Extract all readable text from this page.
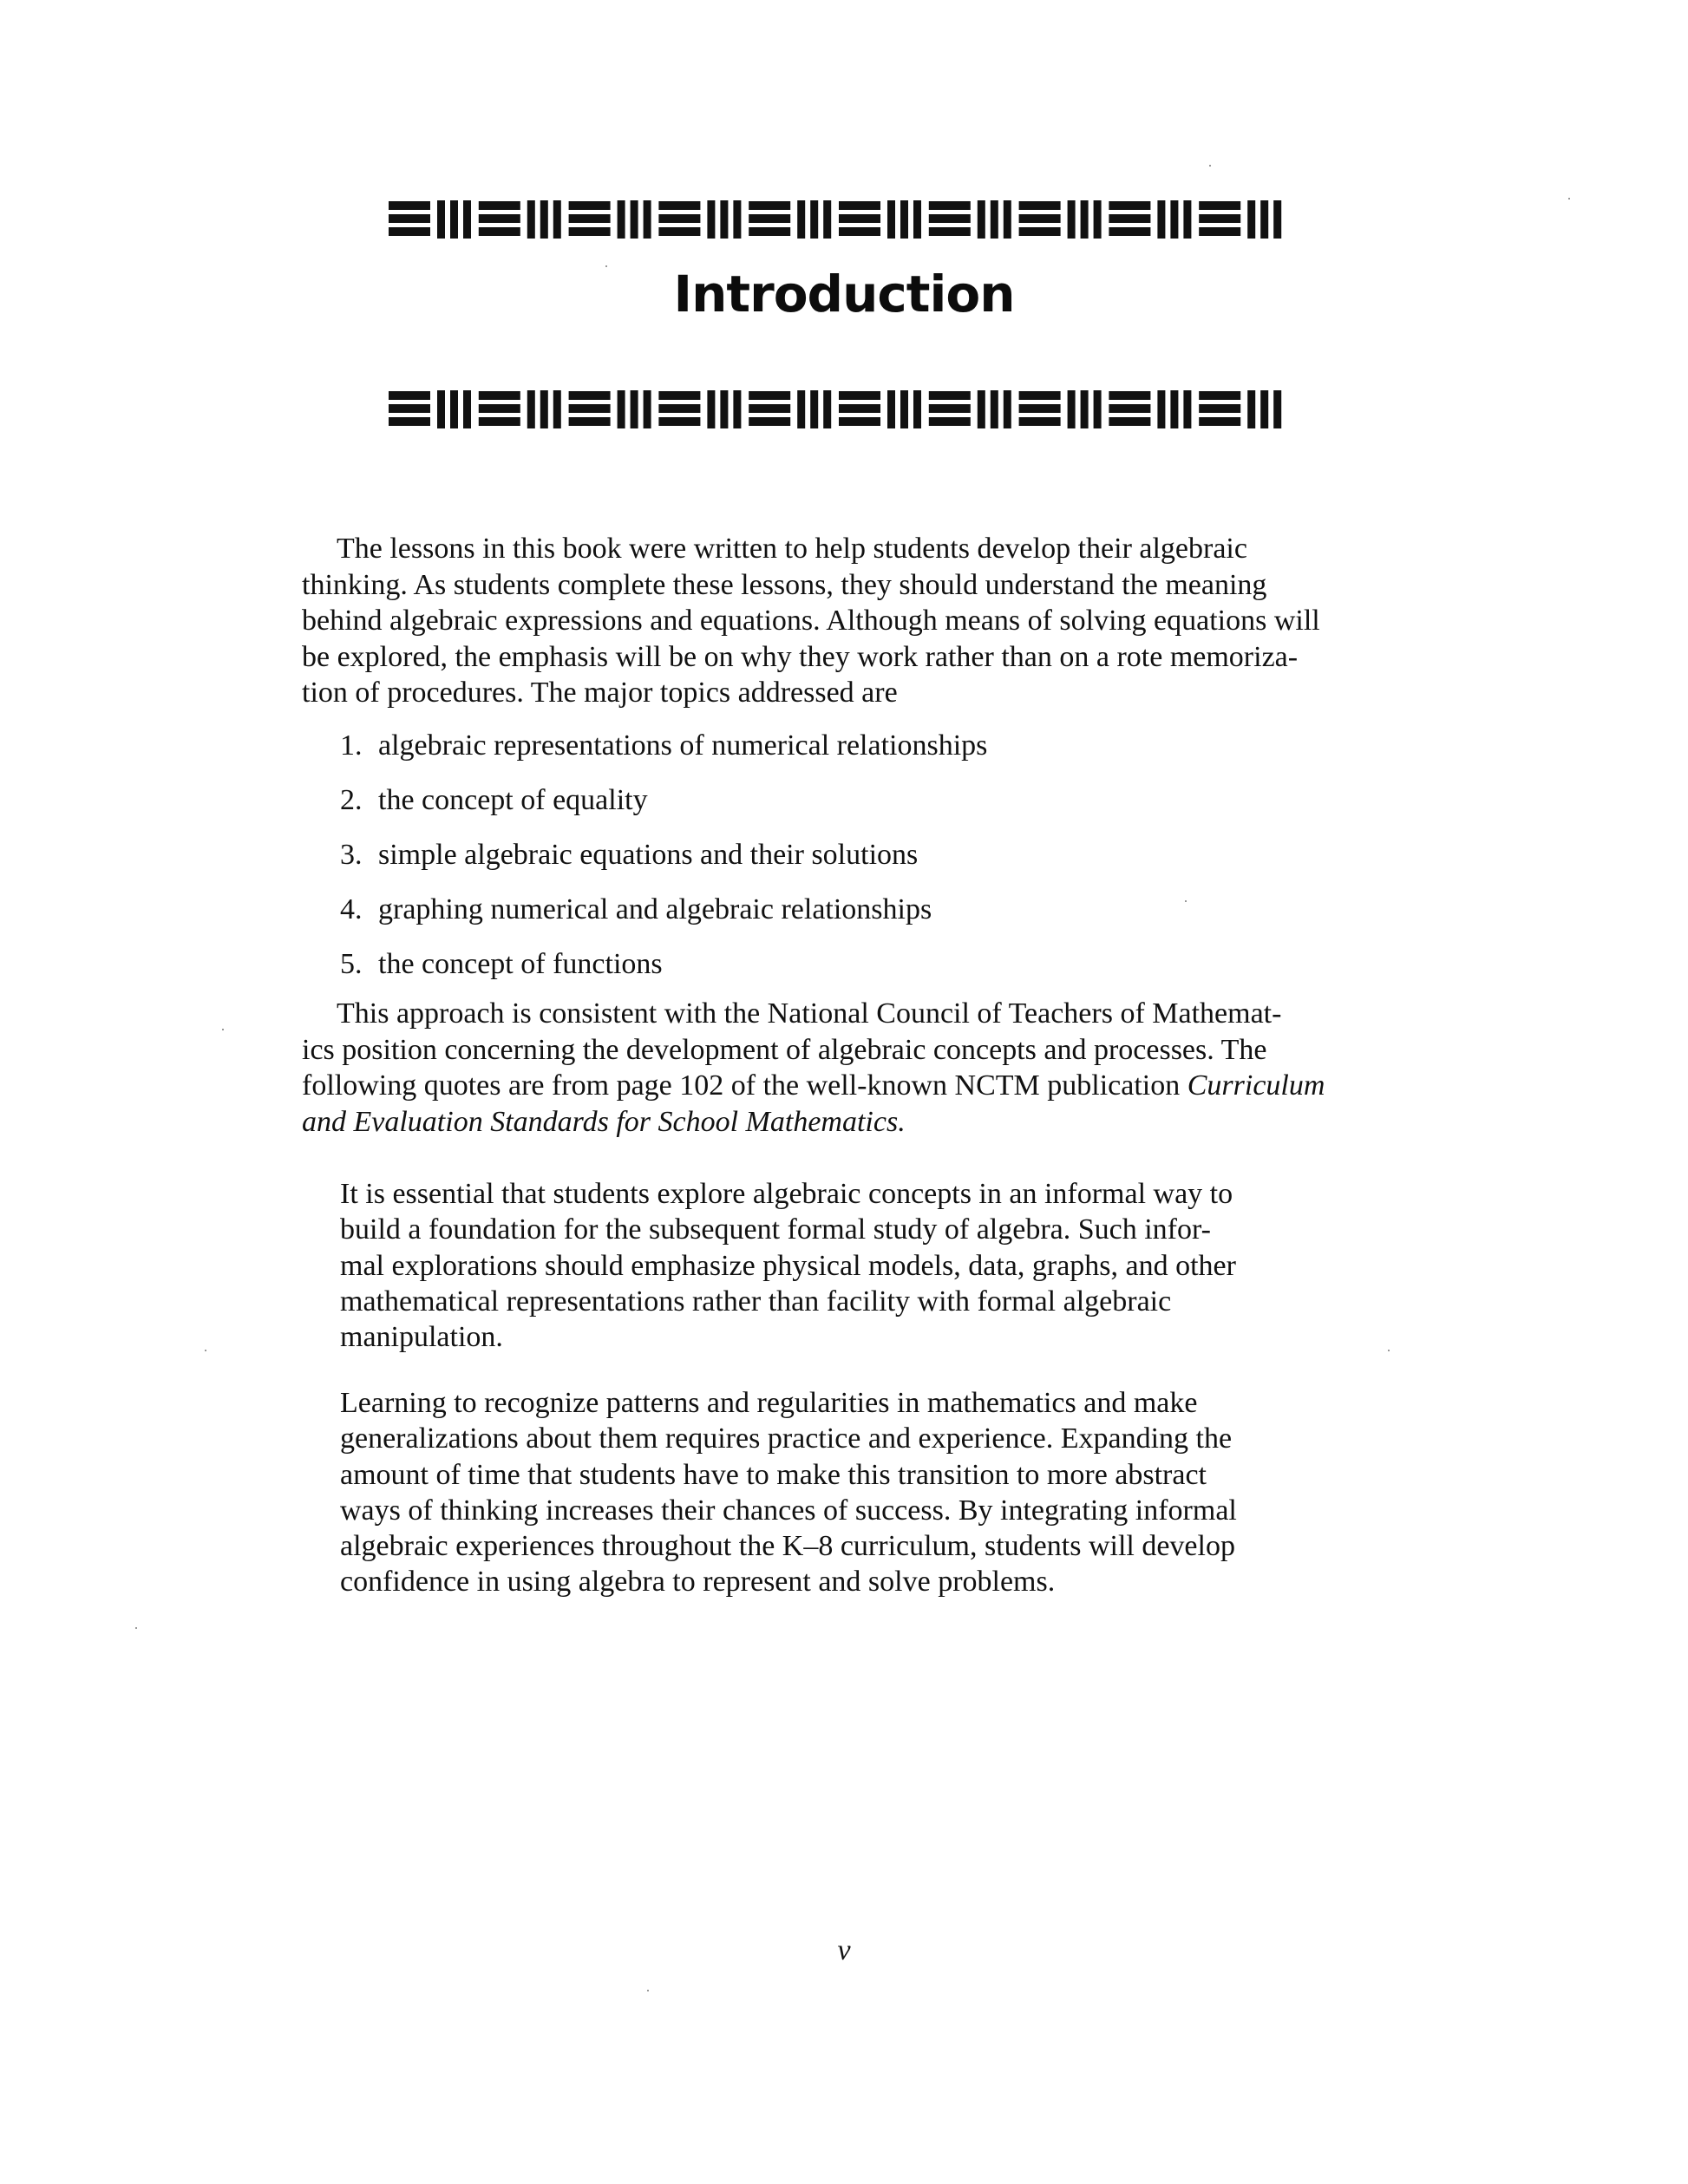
Introduction

The lessons in this book were written to help students develop their algebraic

thinking. As students complete these lessons, they should understand the meaning
behind algebraic expressions and equations. Although means of solving equations will
be explored, the emphasis will be on why they work rather than on a rote memoriza-
tion of procedures. The major topics addressed are
1. algebraic representations of numerical relationships
2. the concept of equality
3. simple algebraic equations and their solutions
4. graphing numerical and algebraic relationships
5. the concept of functions

This approach is consistent with the National Council of Teachers of Mathemat-

ics position concerning the development of algebraic concepts and processes. The
following quotes are from page 102 of the well-known NCTM publication Curriculum
and Evaluation Standards for School Mathematics.
It is essential that students explore algebraic concepts in an informal way to
build a foundation for the subsequent formal study of algebra. Such infor-
mal explorations should emphasize physical models, data, graphs, and other
mathematical representations rather than facility with formal algebraic
manipulation.
Learning to recognize patterns and regularities in mathematics and make
generalizations about them requires practice and experience. Expanding the
amount of time that students have to make this transition to more abstract
ways of thinking increases their chances of success. By integrating informal
algebraic experiences throughout the K–8 curriculum, students will develop
confidence in using algebra to represent and solve problems.
v
